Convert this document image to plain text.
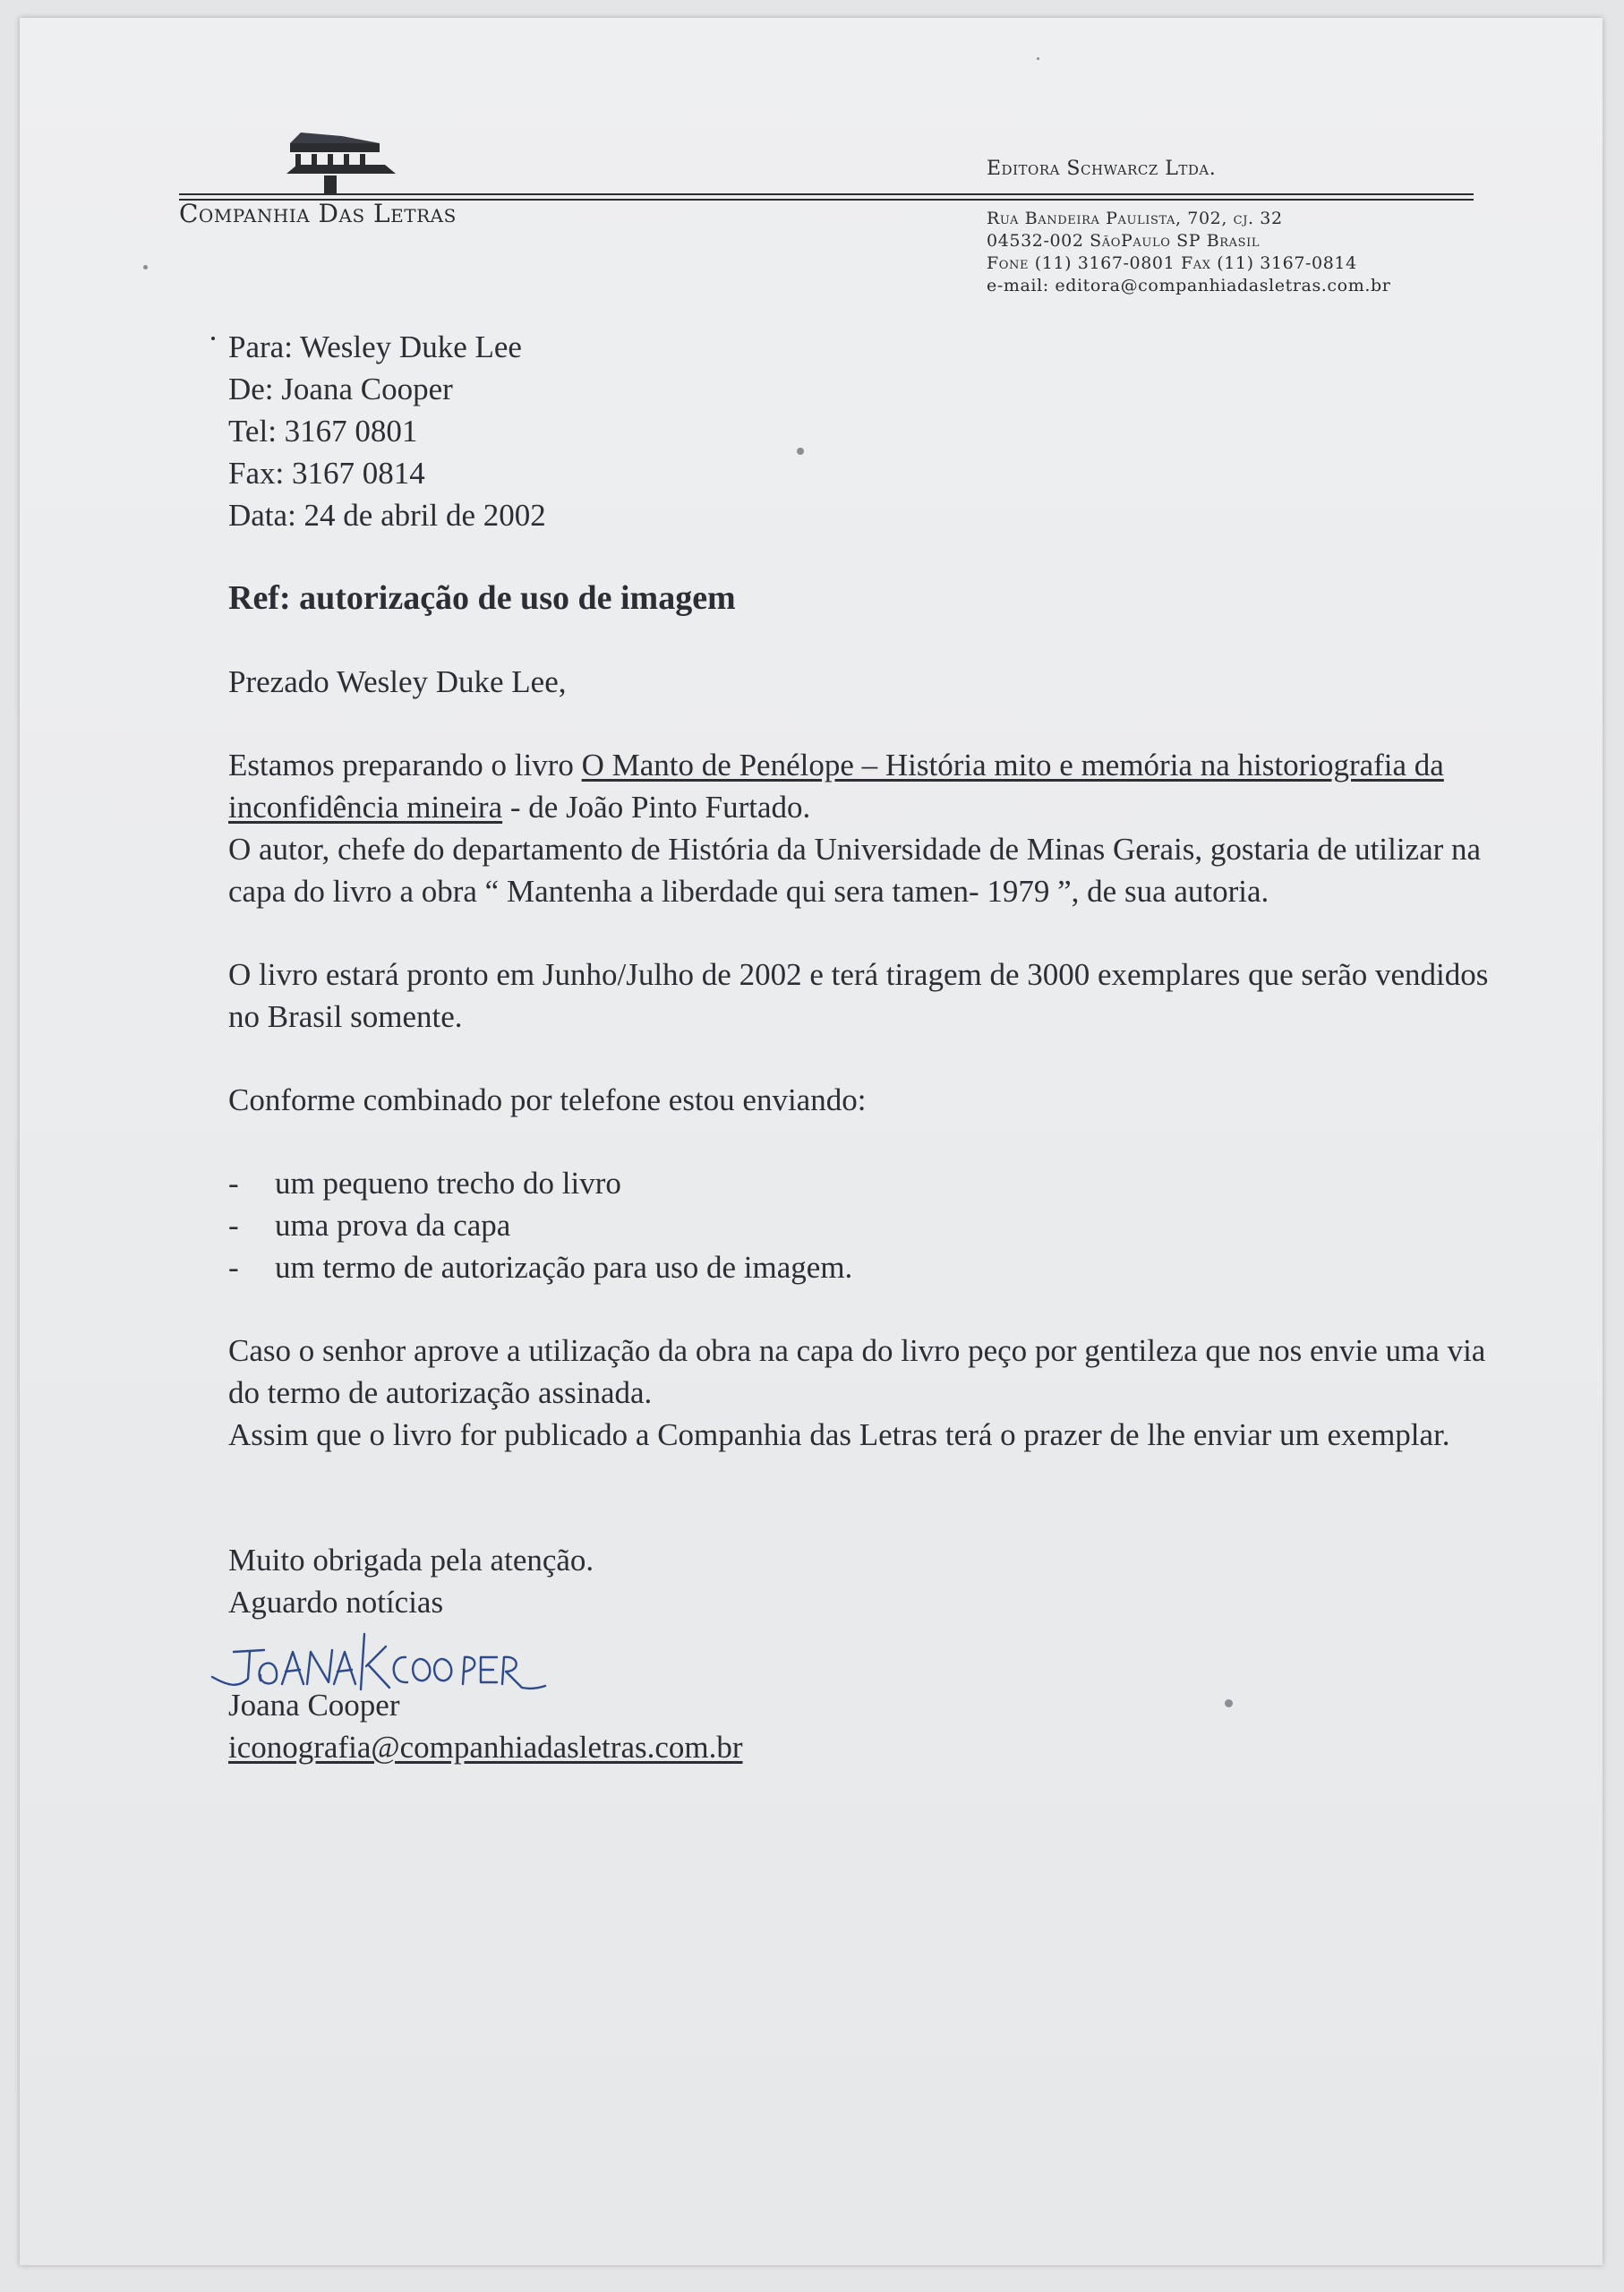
Companhia Das Letras
Editora Schwarcz Ltda.
Rua Bandeira Paulista, 702, cj. 32
04532-002 SãoPaulo SP Brasil
Fone (11) 3167-0801 Fax (11) 3167-0814
e-mail: editora@companhiadasletras.com.br

Para: Wesley Duke Lee

De: Joana Cooper

Tel: 3167 0801

Fax: 3167 0814

Data: 24 de abril de 2002

Ref: autorização de uso de imagem

Prezado Wesley Duke Lee,

Estamos preparando o livro O Manto de Penélope – História mito e memória na historiografia da inconfidência mineira - de João Pinto Furtado.

O autor, chefe do departamento de História da Universidade de Minas Gerais, gostaria de utilizar na capa do livro a obra “ Mantenha a liberdade qui sera tamen- 1979 ”, de sua autoria.

O livro estará pronto em Junho/Julho de 2002 e terá tiragem de 3000 exemplares que serão vendidos no Brasil somente.

Conforme combinado por telefone estou enviando:

- um pequeno trecho do livro
- uma prova da capa
- um termo de autorização para uso de imagem.

Caso o senhor aprove a utilização da obra na capa do livro peço por gentileza que nos envie uma via do termo de autorização assinada.

Assim que o livro for publicado a Companhia das Letras terá o prazer de lhe enviar um exemplar.

Muito obrigada pela atenção.

Aguardo notícias

Joana Cooper

iconografia@companhiadasletras.com.br
